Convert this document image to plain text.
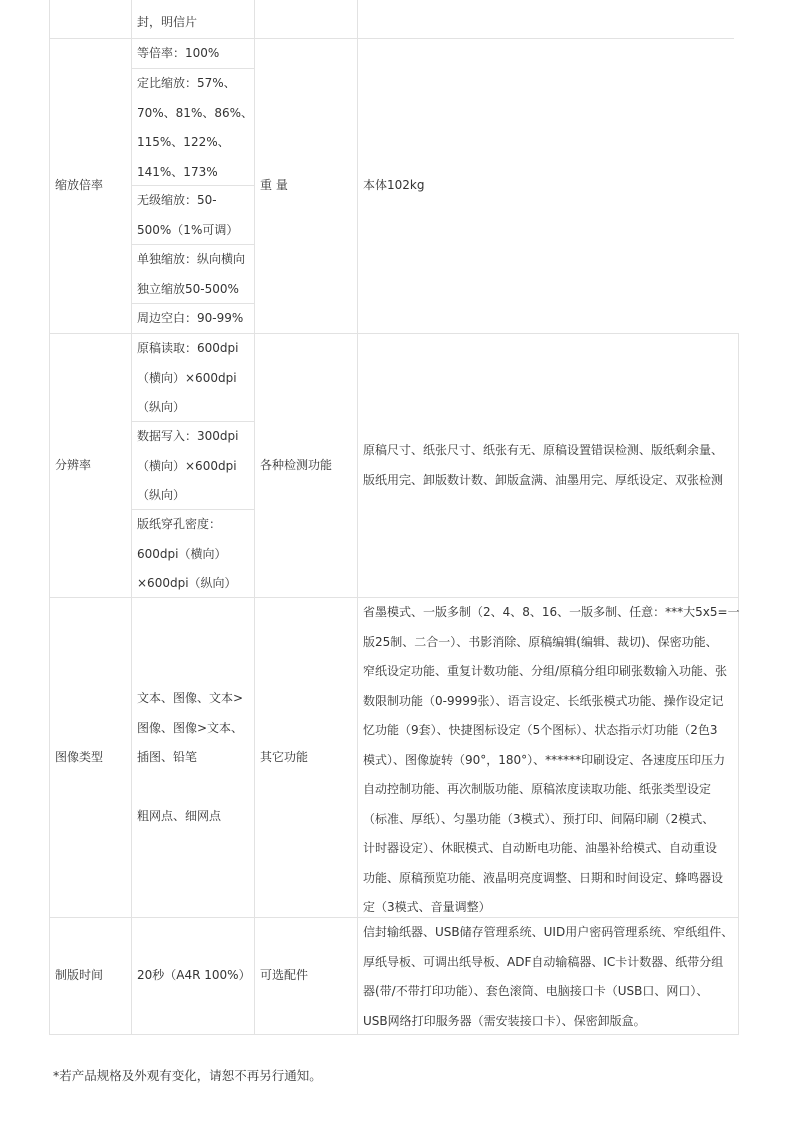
封，明信片
缩放倍率
等倍率：100%
定比缩放：57%、
70%、81%、86%、
115%、122%、
141%、173%
无级缩放：50-
500%（1%可调）
单独缩放：纵向横向
独立缩放50-500%
周边空白：90-99%
重 量	本体102kg
分辨率
原稿读取：600dpi
（横向）×600dpi
（纵向）
数据写入：300dpi
（横向）×600dpi
（纵向）
版纸穿孔密度：
600dpi（横向）
×600dpi（纵向）
各种检测功能
原稿尺寸、纸张尺寸、纸张有无、原稿设置错误检测、版纸剩余量、
版纸用完、卸版数计数、卸版盒满、油墨用完、厚纸设定、双张检测
图像类型
文本、图像、文本>
图像、图像>文本、
插图、铅笔
粗网点、细网点
其它功能
省墨模式、一版多制（2、4、8、16、一版多制、任意：***大5x5=一
版25制、二合一）、书影消除、原稿编辑(编辑、裁切)、保密功能、
窄纸设定功能、重复计数功能、分组/原稿分组印刷张数输入功能、张
数限制功能（0-9999张）、语言设定、长纸张模式功能、操作设定记
忆功能（9套）、快捷图标设定（5个图标）、状态指示灯功能（2色3
模式）、图像旋转（90°，180°）、******印刷设定、各速度压印压力
自动控制功能、再次制版功能、原稿浓度读取功能、纸张类型设定
（标准、厚纸）、匀墨功能（3模式）、预打印、间隔印刷（2模式、
计时器设定）、休眠模式、自动断电功能、油墨补给模式、自动重设
功能、原稿预览功能、液晶明亮度调整、日期和时间设定、蜂鸣器设
定（3模式、音量调整）
制版时间	20秒（A4R 100%） 可选配件
信封输纸器、USB储存管理系统、UID用户密码管理系统、窄纸组件、
厚纸导板、可调出纸导板、ADF自动输稿器、IC卡计数器、纸带分组
器(带/不带打印功能）、套色滚筒、电脑接口卡（USB口、网口）、
USB网络打印服务器（需安装接口卡）、保密卸版盒。
*若产品规格及外观有变化，请恕不再另行通知。
